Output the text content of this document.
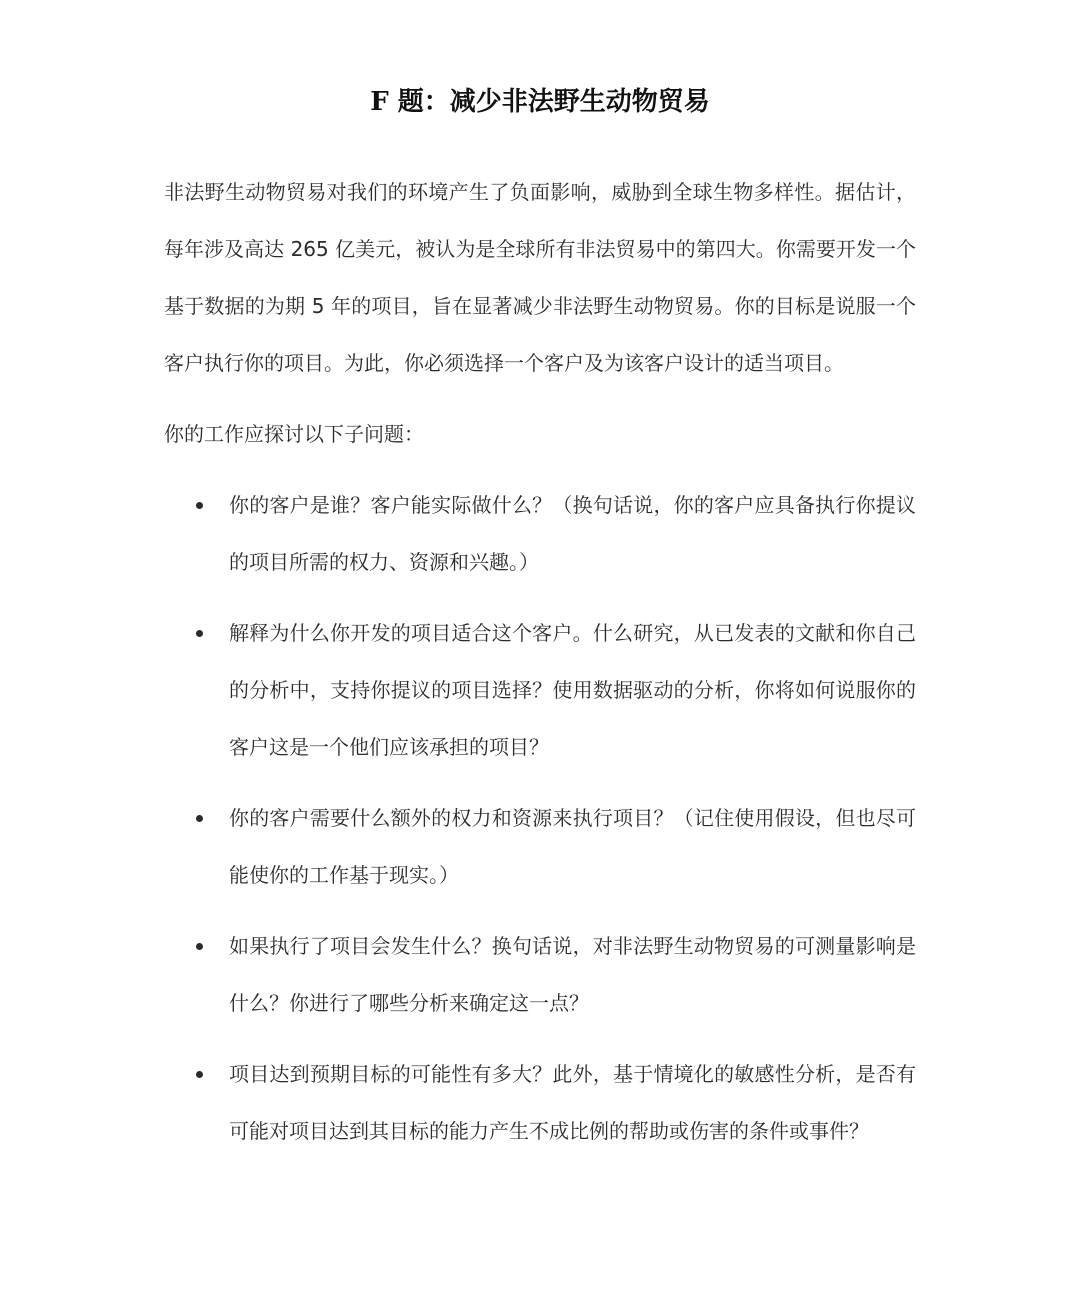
F 题：减少非法野生动物贸易

非法野生动物贸易对我们的环境产生了负面影响，威胁到全球生物多样性。据估计，每年涉及高达 265 亿美元，被认为是全球所有非法贸易中的第四大。你需要开发一个基于数据的为期 5 年的项目，旨在显著减少非法野生动物贸易。你的目标是说服一个客户执行你的项目。为此，你必须选择一个客户及为该客户设计的适当项目。

你的工作应探讨以下子问题：

你的客户是谁？客户能实际做什么？（换句话说，你的客户应具备执行你提议的项目所需的权力、资源和兴趣。）
解释为什么你开发的项目适合这个客户。什么研究，从已发表的文献和你自己的分析中，支持你提议的项目选择？使用数据驱动的分析，你将如何说服你的客户这是一个他们应该承担的项目？
你的客户需要什么额外的权力和资源来执行项目？（记住使用假设，但也尽可能使你的工作基于现实。）
如果执行了项目会发生什么？换句话说，对非法野生动物贸易的可测量影响是什么？你进行了哪些分析来确定这一点？
项目达到预期目标的可能性有多大？此外，基于情境化的敏感性分析，是否有可能对项目达到其目标的能力产生不成比例的帮助或伤害的条件或事件？
